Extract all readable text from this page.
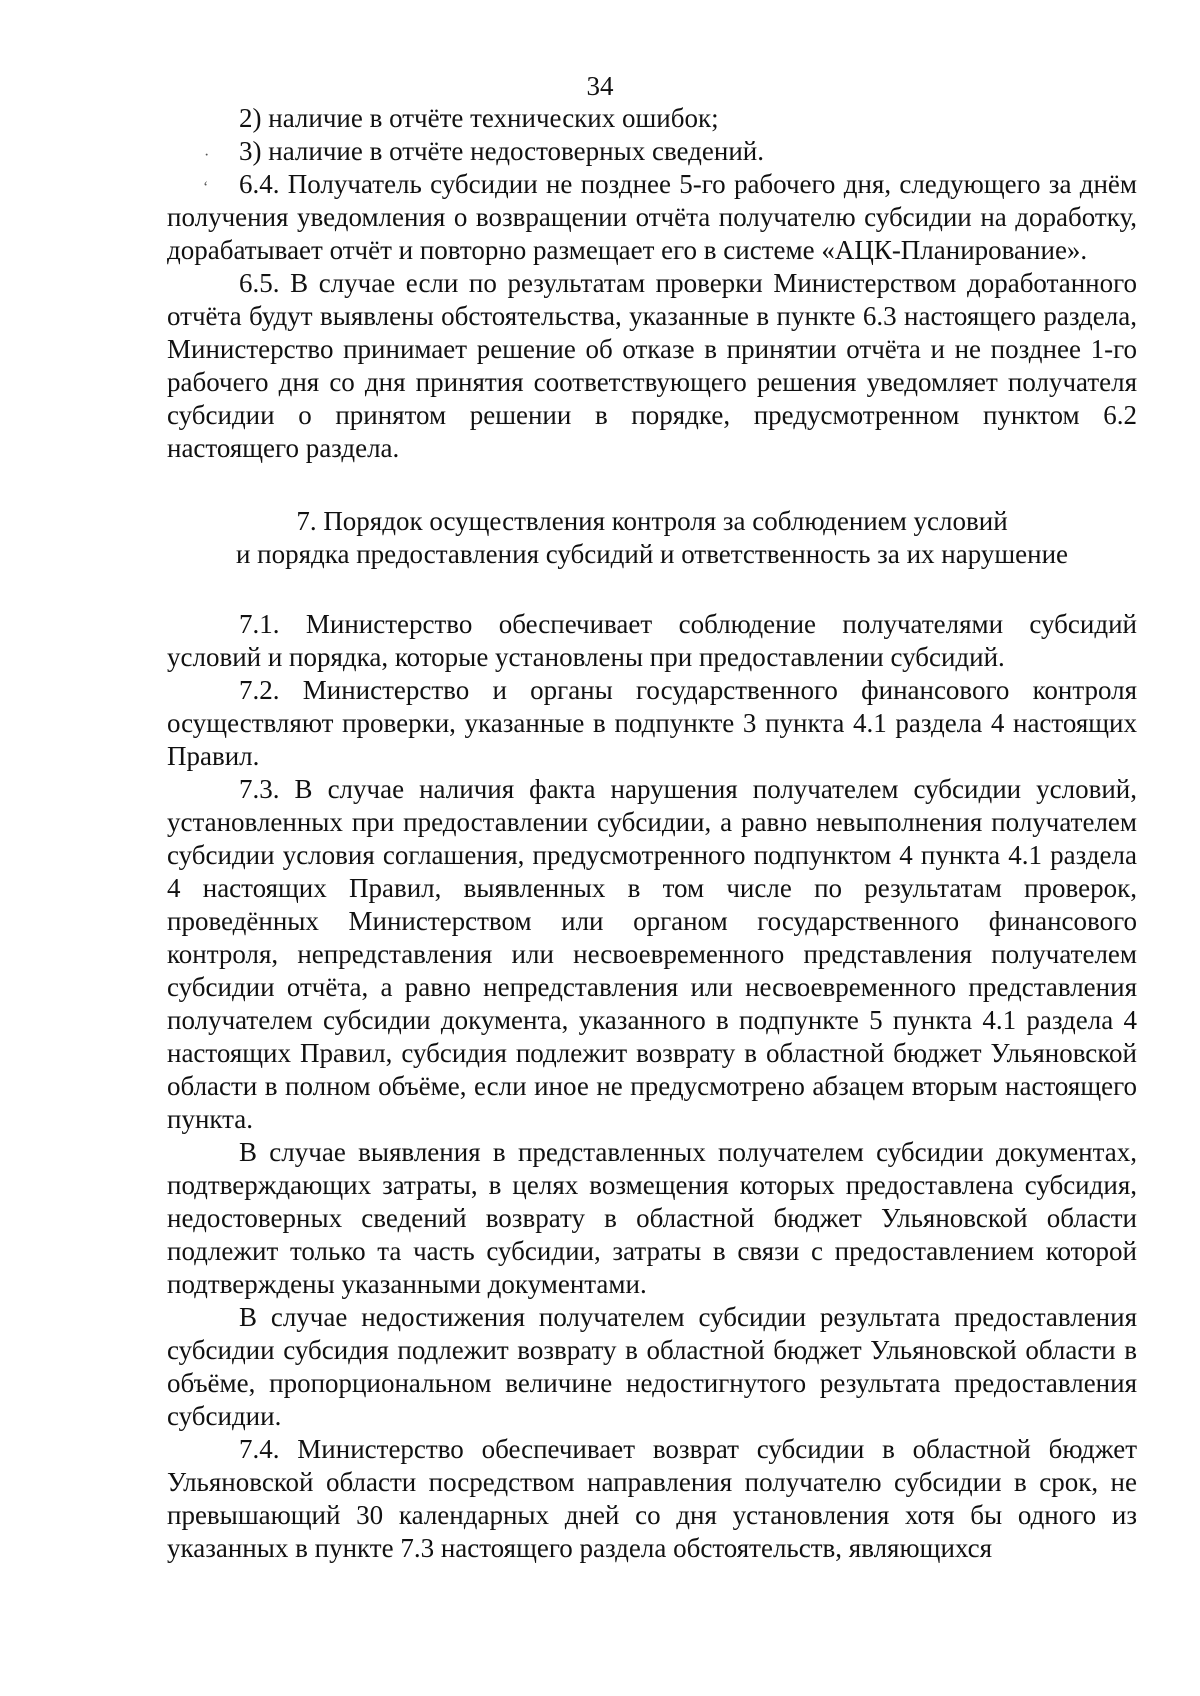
34
·
ʻ

2) наличие в отчёте технических ошибок;

3) наличие в отчёте недостоверных сведений.

6.4. Получатель субсидии не позднее 5-го рабочего дня, следующего за днём получения уведомления о возвращении отчёта получателю субсидии на доработку, дорабатывает отчёт и повторно размещает его в системе «АЦК-Планирование».

6.5. В случае если по результатам проверки Министерством доработанного отчёта будут выявлены обстоятельства, указанные в пункте 6.3 настоящего раздела, Министерство принимает решение об отказе в принятии отчёта и не позднее 1-го рабочего дня со дня принятия соответствующего решения уведомляет получателя субсидии о принятом решении в порядке, предусмотренном пунктом 6.2 настоящего раздела.

7. Порядок осуществления контроля за соблюдением условий
и порядка предоставления субсидий и ответственность за их нарушение

7.1. Министерство обеспечивает соблюдение получателями субсидий условий и порядка, которые установлены при предоставлении субсидий.

7.2. Министерство и органы государственного финансового контроля осуществляют проверки, указанные в подпункте 3 пункта 4.1 раздела 4 настоящих Правил.

7.3. В случае наличия факта нарушения получателем субсидии условий, установленных при предоставлении субсидии, а равно невыполнения получателем субсидии условия соглашения, предусмотренного подпунктом 4 пункта 4.1 раздела 4 настоящих Правил, выявленных в том числе по результатам проверок, проведённых Министерством или органом государственного финансового контроля, непредставления или несвоевременного представления получателем субсидии отчёта, а равно непредставления или несвоевременного представления получателем субсидии документа, указанного в подпункте 5 пункта 4.1 раздела 4 настоящих Правил, субсидия подлежит возврату в областной бюджет Ульяновской области в полном объёме, если иное не предусмотрено абзацем вторым настоящего пункта.

В случае выявления в представленных получателем субсидии документах, подтверждающих затраты, в целях возмещения которых предоставлена субсидия, недостоверных сведений возврату в областной бюджет Ульяновской области подлежит только та часть субсидии, затраты в связи с предоставлением которой подтверждены указанными документами.

В случае недостижения получателем субсидии результата предоставления субсидии субсидия подлежит возврату в областной бюджет Ульяновской области в объёме, пропорциональном величине недостигнутого результата предоставления субсидии.

7.4. Министерство обеспечивает возврат субсидии в областной бюджет Ульяновской области посредством направления получателю субсидии в срок, не превышающий 30 календарных дней со дня установления хотя бы одного из указанных в пункте 7.3 настоящего раздела обстоятельств, являющихся
